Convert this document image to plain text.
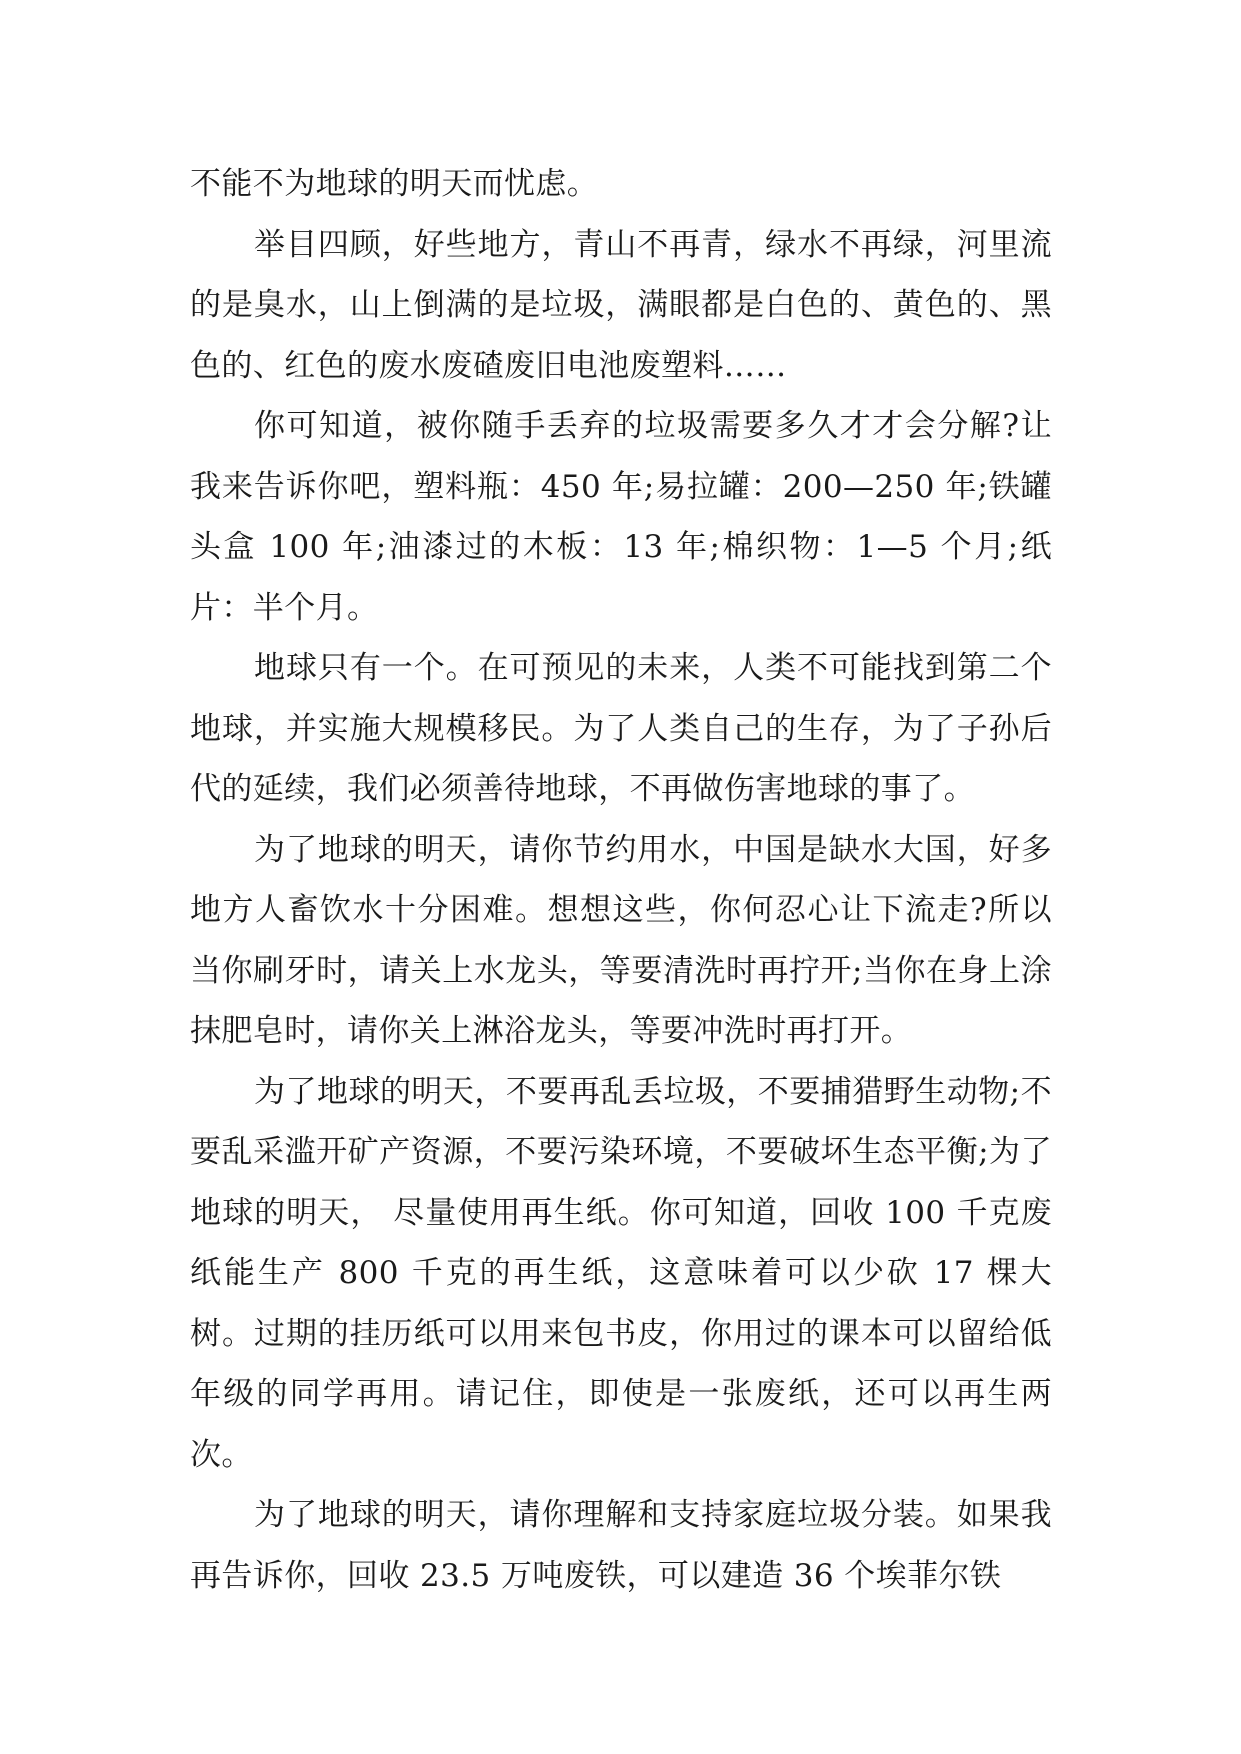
不能不为地球的明天而忧虑。

举目四顾，好些地方，青山不再青，绿水不再绿，河里流的是臭水，山上倒满的是垃圾，满眼都是白色的、黄色的、黑色的、红色的废水废碴废旧电池废塑料……

你可知道，被你随手丢弃的垃圾需要多久才才会分解?让我来告诉你吧，塑料瓶：450 年;易拉罐：200—250 年;铁罐头盒 100 年;油漆过的木板：13 年;棉织物：1—5 个月;纸片：半个月。

地球只有一个。在可预见的未来，人类不可能找到第二个地球，并实施大规模移民。为了人类自己的生存，为了子孙后代的延续，我们必须善待地球，不再做伤害地球的事了。

为了地球的明天，请你节约用水，中国是缺水大国，好多地方人畜饮水十分困难。想想这些，你何忍心让下流走?所以当你刷牙时，请关上水龙头，等要清洗时再拧开;当你在身上涂抹肥皂时，请你关上淋浴龙头，等要冲洗时再打开。

为了地球的明天，不要再乱丢垃圾，不要捕猎野生动物;不要乱采滥开矿产资源，不要污染环境，不要破坏生态平衡;为了地球的明天， 尽量使用再生纸。你可知道，回收 100 千克废纸能生产 800 千克的再生纸，这意味着可以少砍 17 棵大树。过期的挂历纸可以用来包书皮，你用过的课本可以留给低年级的同学再用。请记住，即使是一张废纸，还可以再生两次。

为了地球的明天，请你理解和支持家庭垃圾分装。如果我再告诉你，回收 23.5 万吨废铁，可以建造 36 个埃菲尔铁
